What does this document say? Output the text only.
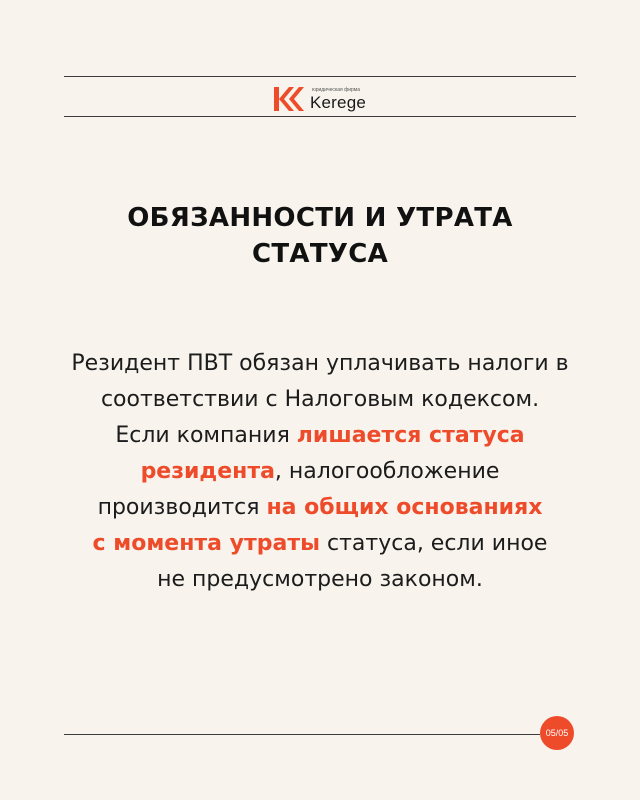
юридическая фирма
Kerege
ОБЯЗАННОСТИ И УТРАТА
СТАТУСА

Резидент ПВТ обязан уплачивать налоги в
соответствии с Налоговым кодексом.
Если компания лишается статуса
резидента, налогообложение
производится на общих основаниях
с момента утраты статуса, если иное
не предусмотрено законом.

05/05
